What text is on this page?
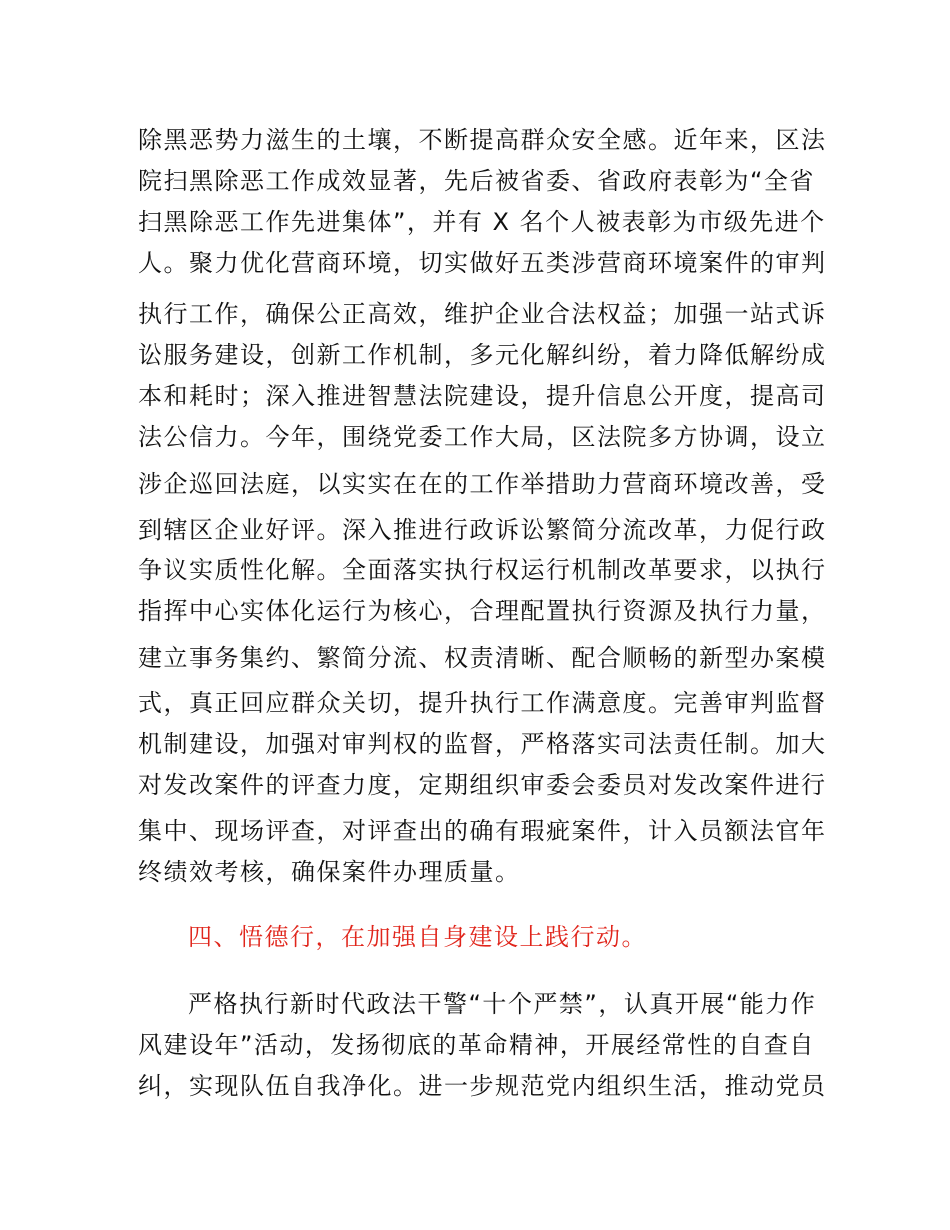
除黑恶势力滋生的土壤，不断提高群众安全感。近年来，区法
院扫黑除恶工作成效显著，先后被省委、省政府表彰为“全省
扫黑除恶工作先进集体”，并有 X 名个人被表彰为市级先进个
人。聚力优化营商环境，切实做好五类涉营商环境案件的审判
执行工作，确保公正高效，维护企业合法权益；加强一站式诉
讼服务建设，创新工作机制，多元化解纠纷，着力降低解纷成
本和耗时；深入推进智慧法院建设，提升信息公开度，提高司
法公信力。今年，围绕党委工作大局，区法院多方协调，设立
涉企巡回法庭，以实实在在的工作举措助力营商环境改善，受
到辖区企业好评。深入推进行政诉讼繁简分流改革，力促行政
争议实质性化解。全面落实执行权运行机制改革要求，以执行
指挥中心实体化运行为核心，合理配置执行资源及执行力量，
建立事务集约、繁简分流、权责清晰、配合顺畅的新型办案模
式，真正回应群众关切，提升执行工作满意度。完善审判监督
机制建设，加强对审判权的监督，严格落实司法责任制。加大
对发改案件的评查力度，定期组织审委会委员对发改案件进行
集中、现场评查，对评查出的确有瑕疵案件，计入员额法官年
终绩效考核，确保案件办理质量。
四、悟德行，在加强自身建设上践行动。
严格执行新时代政法干警“十个严禁”，认真开展“能力作
风建设年”活动，发扬彻底的革命精神，开展经常性的自查自
纠，实现队伍自我净化。进一步规范党内组织生活，推动党员
